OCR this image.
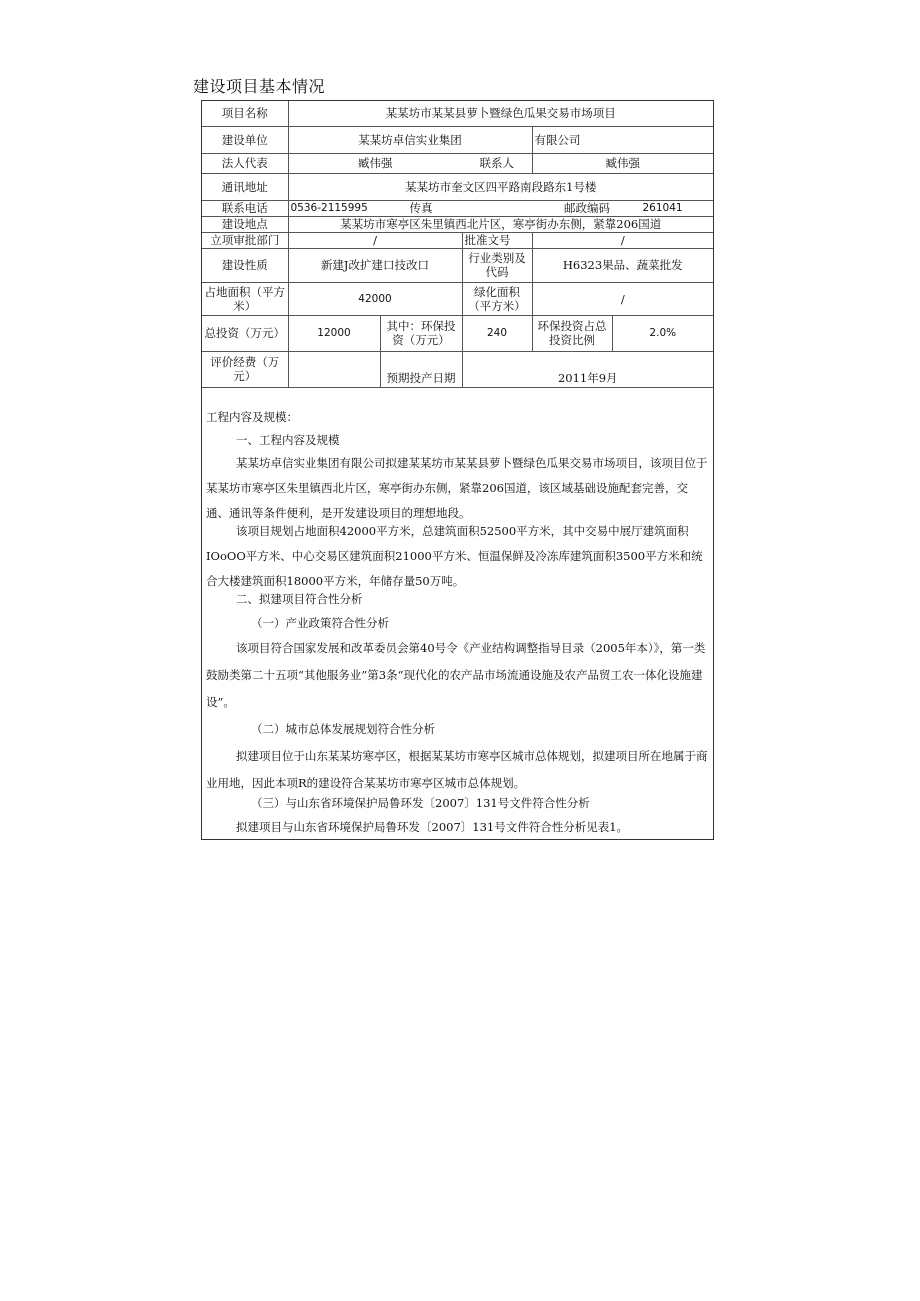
建设项目基本情况
项目名称	某某坊市某某县萝卜暨绿色瓜果交易市场项目				
建设单位	某某坊卓信实业集团			有限公司	
法人代表	臧伟强		联系人	臧伟强	
通讯地址	某某坊市奎文区四平路南段路东1号楼				
联系电话	0536-2115995	传真	邮政编码		261041
建设地点	某某坊市寒亭区朱里镇西北片区，寒亭街办东侧，紧靠206国道				
立项审批部门	/		批准文号	/	
建设性质	新建J改扩建口技改口		行业类别及代码	H6323果品、蔬菜批发	
占地面积（平方米）	42000		绿化面积（平方米）	/	
总投资（万元）	12000	其中：环保投资（万元）	240	环保投资占总投资比例	2.0%
评价经费（万元）		预期投产日期	2011年9月		

工程内容及规模：

一、工程内容及规模

某某坊卓信实业集团有限公司拟建某某坊市某某县萝卜暨绿色瓜果交易市场项目，该项目位于某某坊市寒亭区朱里镇西北片区，寒亭街办东侧，紧靠206国道，该区域基础设施配套完善，交通、通讯等条件便利，是开发建设项目的理想地段。

该项目规划占地面积42000平方米，总建筑面积52500平方米，其中交易中展厅建筑面积IOoOO平方米、中心交易区建筑面积21000平方米、恒温保鲜及冷冻库建筑面积3500平方米和统合大楼建筑面积18000平方米，年储存量50万吨。

二、拟建项目符合性分析

（一）产业政策符合性分析

该项目符合国家发展和改革委员会第40号令《产业结构调整指导目录（2005年本）》，第一类鼓励类第二十五项“其他服务业”第3条“现代化的农产品市场流通设施及农产品贸工农一体化设施建设”。

（二）城市总体发展规划符合性分析

拟建项目位于山东某某坊寒亭区，根据某某坊市寒亭区城市总体规划，拟建项目所在地属于商业用地，因此本项R的建设符合某某坊市寒亭区城市总体规划。

（三）与山东省环境保护局鲁环发〔2007〕131号文件符合性分析

拟建项目与山东省环境保护局鲁环发〔2007〕131号文件符合性分析见表1。
